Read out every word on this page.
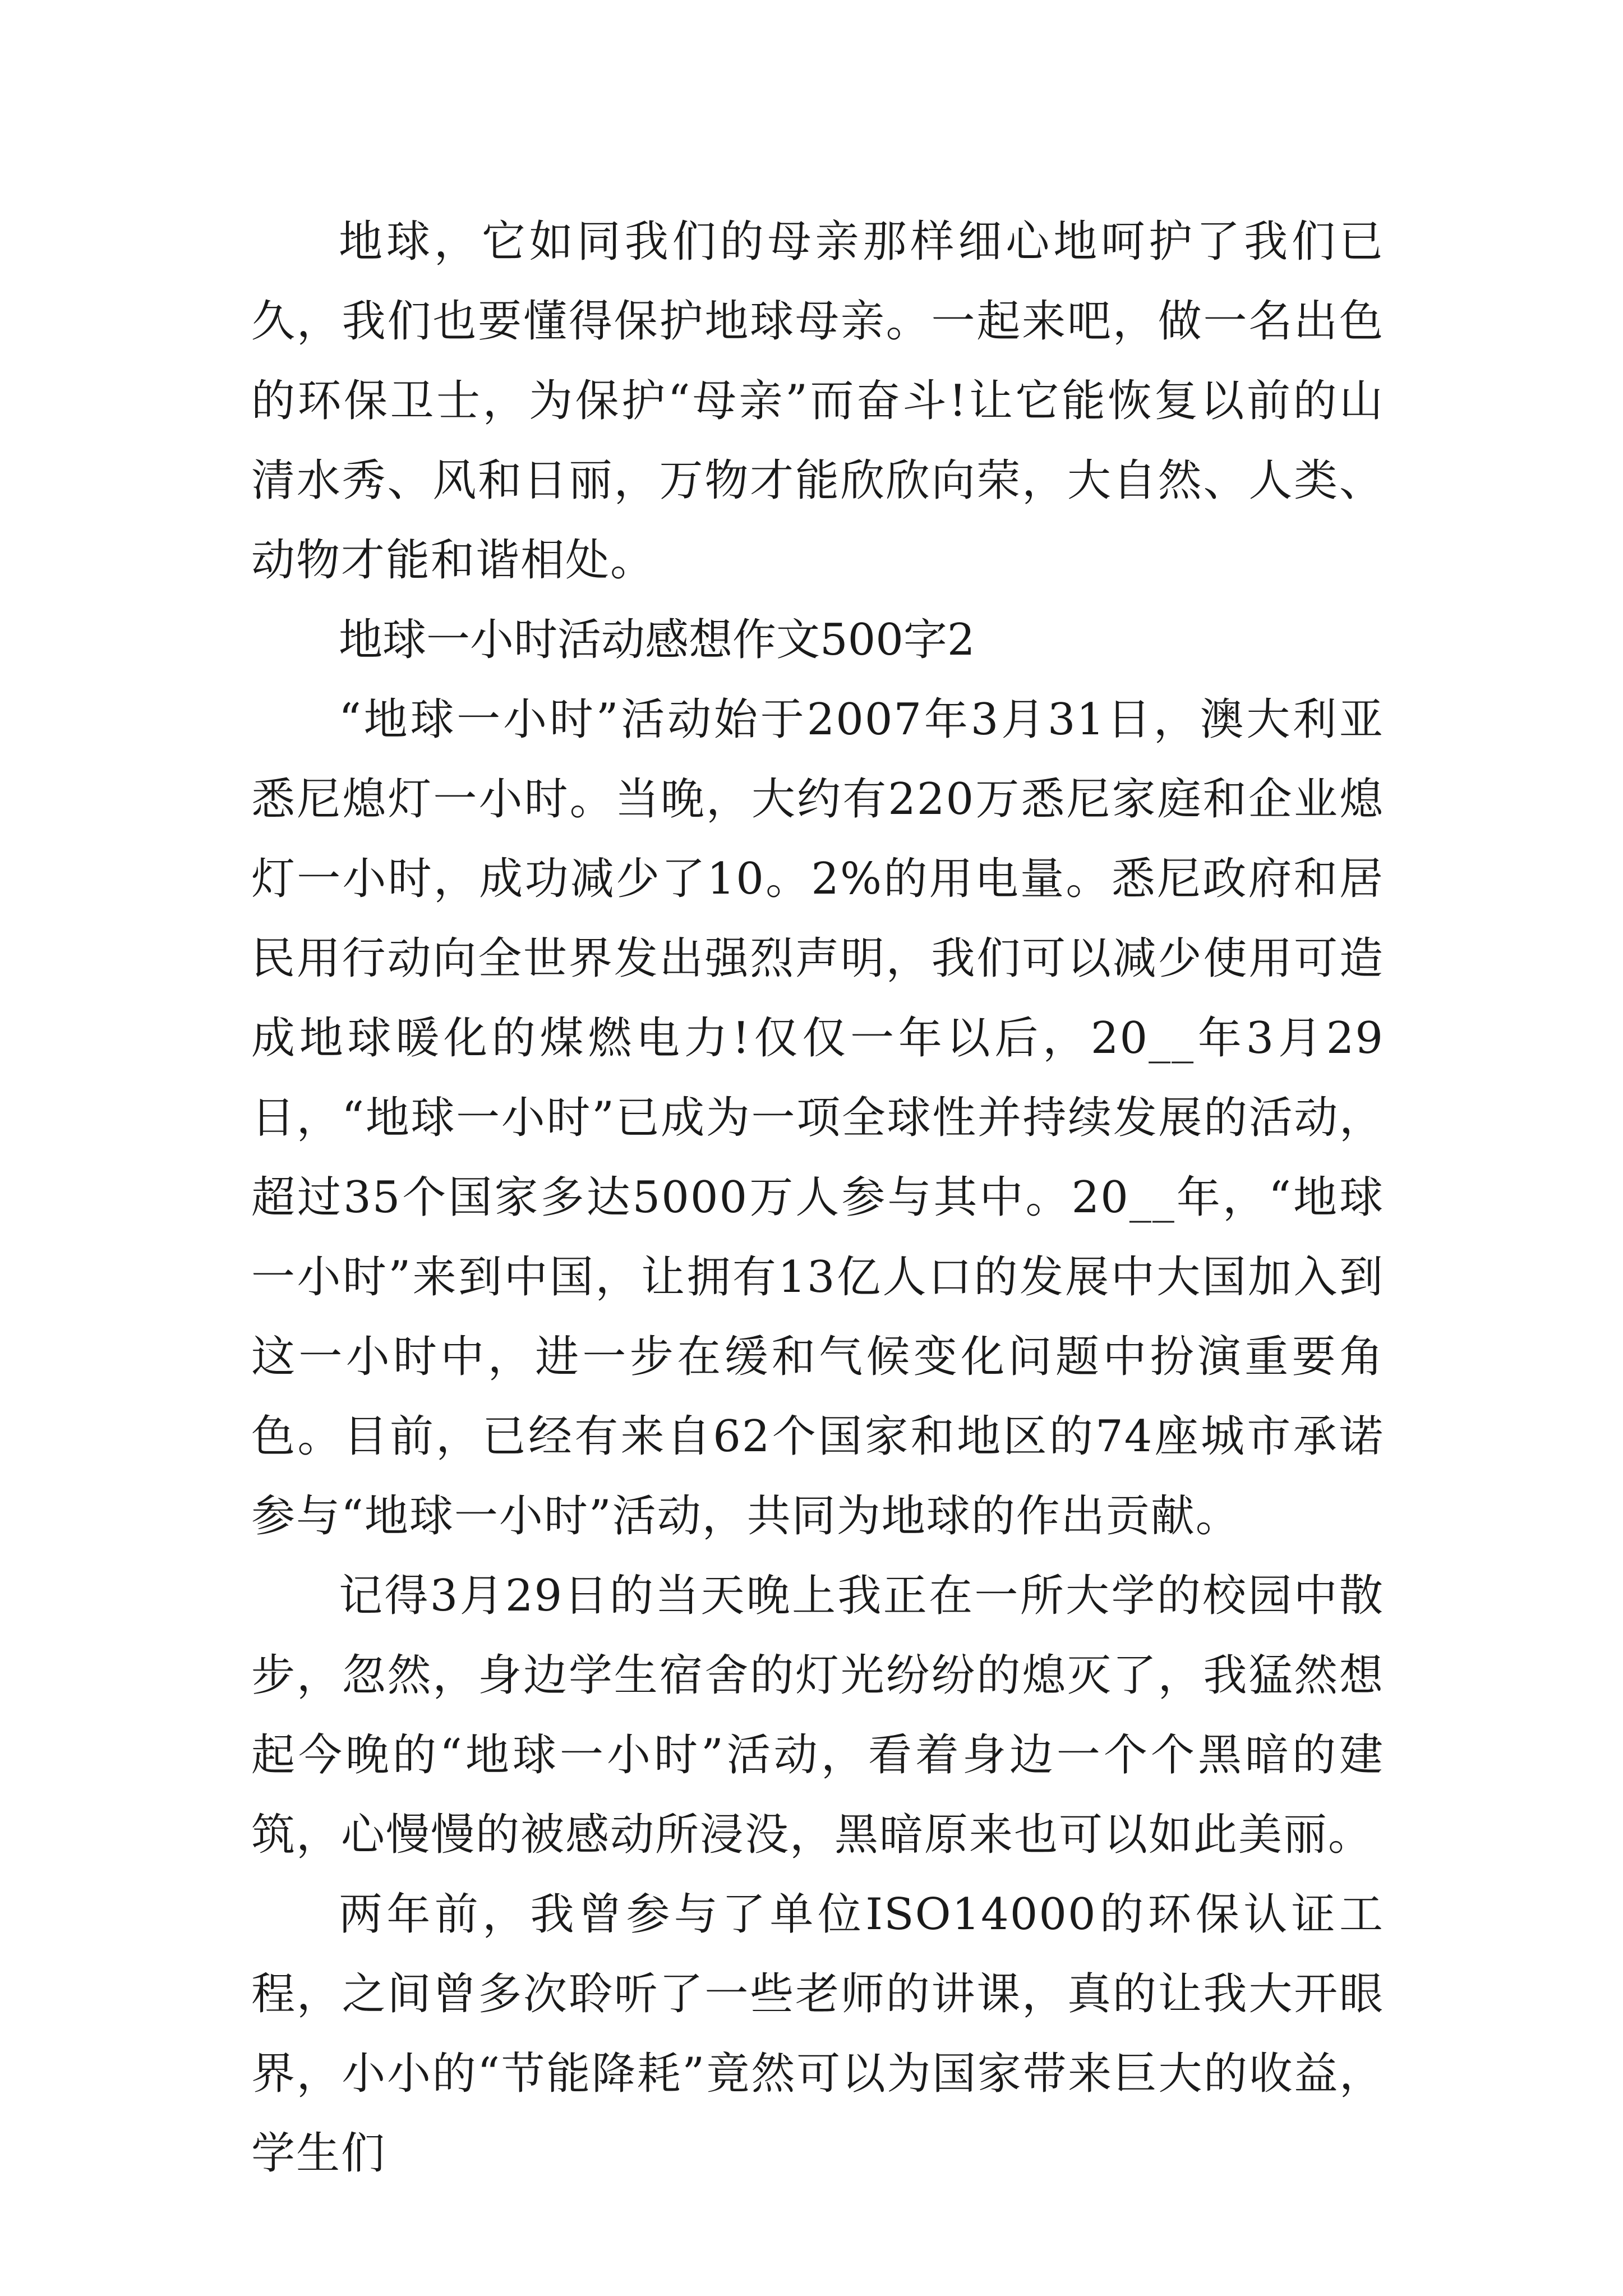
地球，它如同我们的母亲那样细心地呵护了我们已久，我们也要懂得保护地球母亲。一起来吧，做一名出色的环保卫士，为保护“母亲”而奋斗!让它能恢复以前的山清水秀、风和日丽，万物才能欣欣向荣，大自然、人类、动物才能和谐相处。

地球一小时活动感想作文500字2

“地球一小时”活动始于2007年3月31日，澳大利亚悉尼熄灯一小时。当晚，大约有220万悉尼家庭和企业熄灯一小时，成功减少了10。2%的用电量。悉尼政府和居民用行动向全世界发出强烈声明，我们可以减少使用可造成地球暖化的煤燃电力!仅仅一年以后，20__年3月29日，“地球一小时”已成为一项全球性并持续发展的活动，超过35个国家多达5000万人参与其中。20__年，“地球一小时”来到中国，让拥有13亿人口的发展中大国加入到这一小时中，进一步在缓和气候变化问题中扮演重要角色。目前，已经有来自62个国家和地区的74座城市承诺参与“地球一小时”活动，共同为地球的作出贡献。

记得3月29日的当天晚上我正在一所大学的校园中散步，忽然，身边学生宿舍的灯光纷纷的熄灭了，我猛然想起今晚的“地球一小时”活动，看着身边一个个黑暗的建筑，心慢慢的被感动所浸没，黑暗原来也可以如此美丽。

两年前，我曾参与了单位ISO14000的环保认证工程，之间曾多次聆听了一些老师的讲课，真的让我大开眼界，小小的“节能降耗”竟然可以为国家带来巨大的收益，学生们
